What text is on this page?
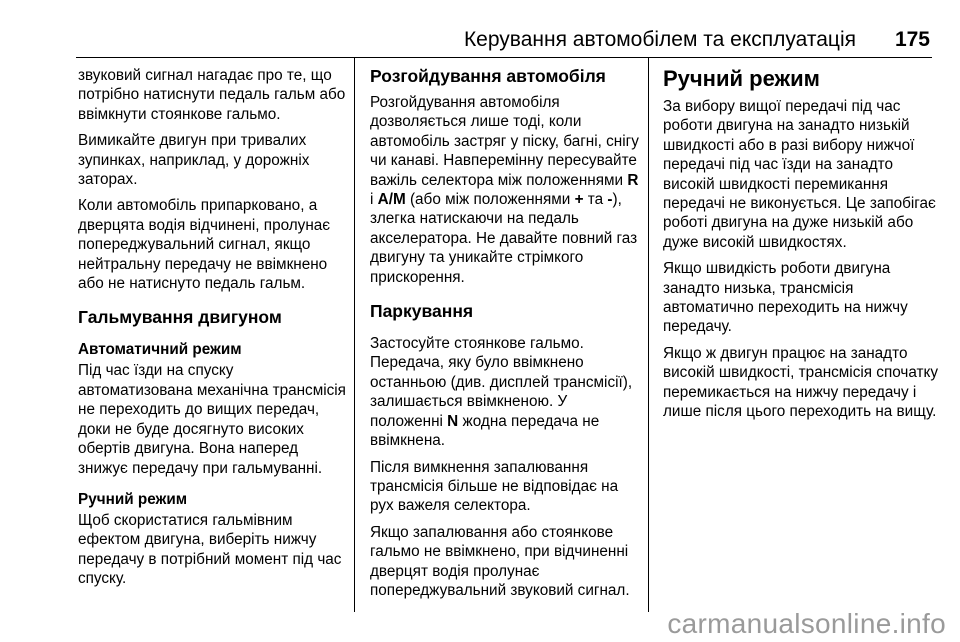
Керування автомобілем та експлуатація 175

звуковий сигнал нагадає про те, що потрібно натиснути педаль гальм або ввімкнути стоянкове гальмо.

Вимикайте двигун при тривалих зупинках, наприклад, у дорожніх заторах.

Коли автомобіль припарковано, а дверцята водія відчинені, пролунає попереджувальний сигнал, якщо нейтральну передачу не ввімкнено або не натиснуто педаль гальм.

Гальмування двигуном
Автоматичний режим

Під час їзди на спуску автоматизована механічна трансмісія не переходить до вищих передач, доки не буде досягнуто високих обертів двигуна. Вона наперед знижує передачу при гальмуванні.

Ручний режим

Щоб скористатися гальмівним ефектом двигуна, виберіть нижчу передачу в потрібний момент під час спуску.

Розгойдування автомобіля

Розгойдування автомобіля дозволяється лише тоді, коли автомобіль застряг у піску, багні, снігу чи канаві. Навперемінну пересувайте важіль селектора між положеннями R і A/M (або між положеннями + та -), злегка натискаючи на педаль акселератора. Не давайте повний газ двигуну та уникайте стрімкого прискорення.

Паркування

Застосуйте стоянкове гальмо. Передача, яку було ввімкнено останньою (див. дисплей трансмісії), залишається ввімкненою. У положенні N жодна передача не ввімкнена.

Після вимкнення запалювання трансмісія більше не відповідає на рух важеля селектора.

Якщо запалювання або стоянкове гальмо не ввімкнено, при відчиненні дверцят водія пролунає попереджувальний звуковий сигнал.

Ручний режим

За вибору вищої передачі під час роботи двигуна на занадто низькій швидкості або в разі вибору нижчої передачі під час їзди на занадто високій швидкості перемикання передачі не виконується. Це запобігає роботі двигуна на дуже низькій або дуже високій швидкостях.

Якщо швидкість роботи двигуна занадто низька, трансмісія автоматично переходить на нижчу передачу.

Якщо ж двигун працює на занадто високій швидкості, трансмісія спочатку перемикається на нижчу передачу і лише після цього переходить на вищу.

carmanualsonline.info
